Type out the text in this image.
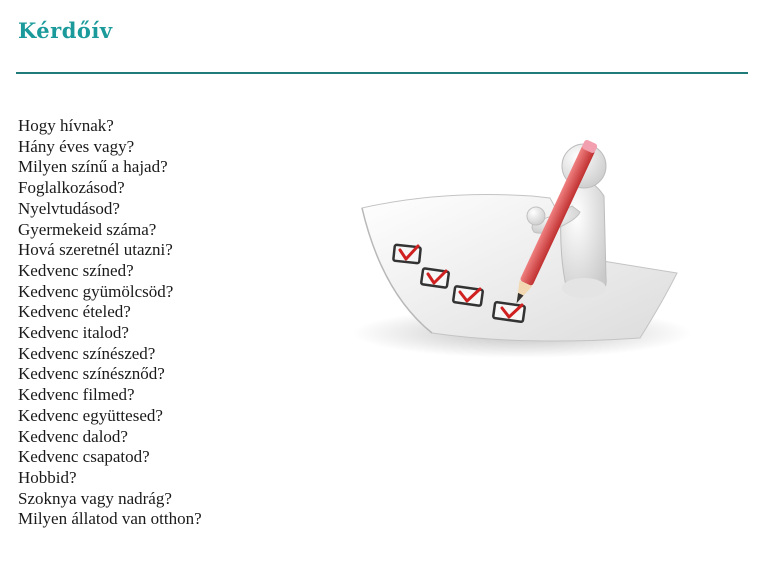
Kérdőív
Hogy hívnak?
Hány éves vagy?
Milyen színű a hajad?
Foglalkozásod?
Nyelvtudásod?
Gyermekeid száma?
Hová szeretnél utazni?
Kedvenc színed?
Kedvenc gyümölcsöd?
Kedvenc ételed?
Kedvenc italod?
Kedvenc színészed?
Kedvenc színésznőd?
Kedvenc filmed?
Kedvenc együttesed?
Kedvenc dalod?
Kedvenc csapatod?
Hobbid?
Szoknya vagy nadrág?
Milyen állatod van otthon?
